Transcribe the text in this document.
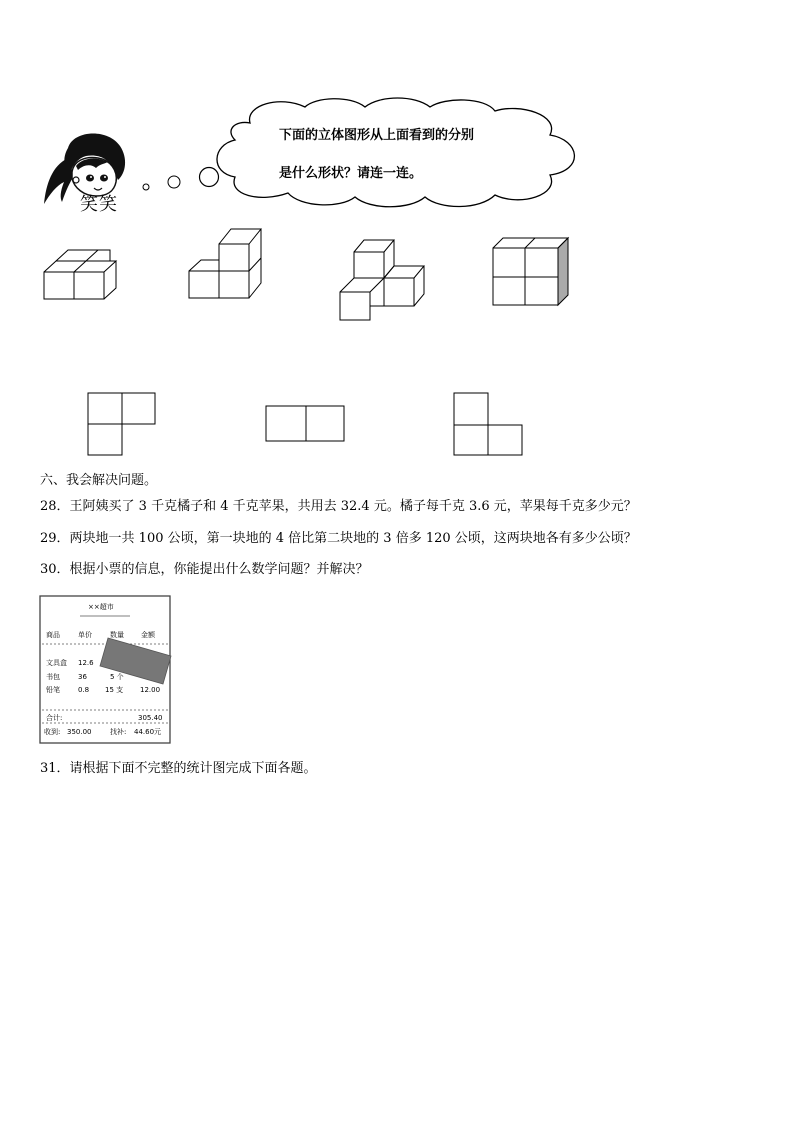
笑笑
下面的立体图形从上面看到的分别
是什么形状？请连一连。
六、我会解决问题。
28．王阿姨买了 3 千克橘子和 4 千克苹果，共用去 32.4 元。橘子每千克 3.6 元，苹果每千克多少元？
29．两块地一共 100 公顷，第一块地的 4 倍比第二块地的 3 倍多 120 公顷，这两块地各有多少公顷？
30．根据小票的信息，你能提出什么数学问题？并解决？
××超市
商品	单价	数量 金额
文具盒 12.6
书包	36	5 个
铅笔	0.8 15 支 12.00
合计:	305.40
收到: 350.00	找补: 44.60元
31．请根据下面不完整的统计图完成下面各题。
